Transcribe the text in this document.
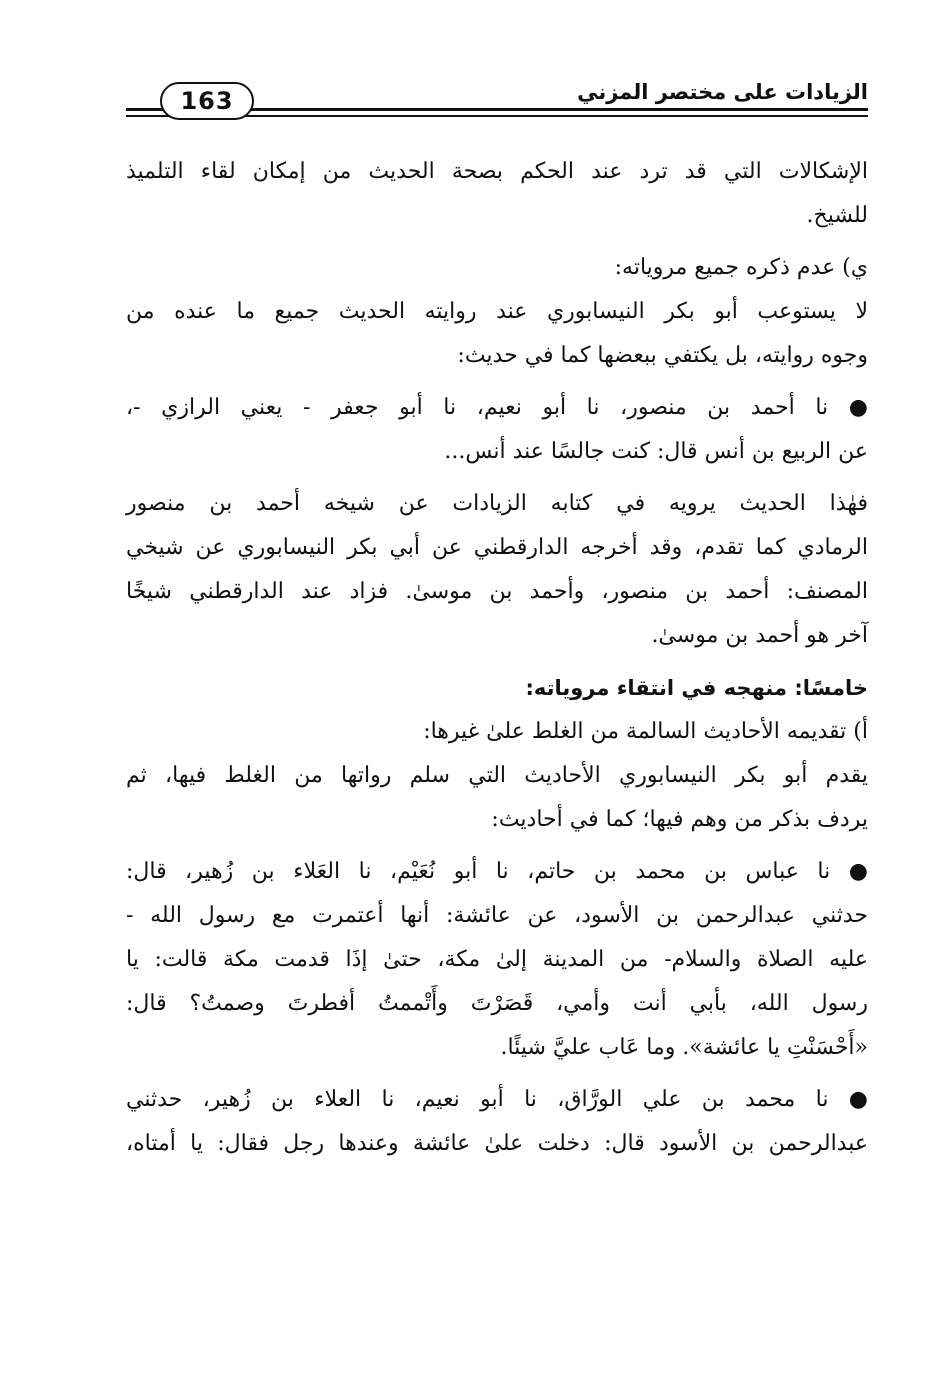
163	الزيادات على مختصر المزني
الإشكالات التي قد ترد عند الحكم بصحة الحديث من إمكان لقاء التلميذ
للشيخ.
ي) عدم ذكره جميع مروياته:
لا يستوعب أبو بكر النيسابوري عند روايته الحديث جميع ما عنده من
وجوه روايته، بل يكتفي ببعضها كما في حديث:
● نا أحمد بن منصور، نا أبو نعيم، نا أبو جعفر - يعني الرازي -،
عن الربيع بن أنس قال: كنت جالسًا عند أنس...
فهٰذا الحديث يرويه في كتابه الزيادات عن شيخه أحمد بن منصور
الرمادي كما تقدم، وقد أخرجه الدارقطني عن أبي بكر النيسابوري عن شيخي
المصنف: أحمد بن منصور، وأحمد بن موسىٰ. فزاد عند الدارقطني شيخًا
آخر هو أحمد بن موسىٰ.
خامسًا: منهجه في انتقاء مروياته:
أ) تقديمه الأحاديث السالمة من الغلط علىٰ غيرها:
يقدم أبو بكر النيسابوري الأحاديث التي سلم رواتها من الغلط فيها، ثم
يردف بذكر من وهم فيها؛ كما في أحاديث:
● نا عباس بن محمد بن حاتم، نا أبو نُعَيْم، نا العَلاء بن زُهير، قال:
حدثني عبدالرحمن بن الأسود، عن عائشة: أنها أعتمرت مع رسول الله -
عليه الصلاة والسلام- من المدينة إلىٰ مكة، حتىٰ إذَا قدمت مكة قالت: يا
رسول الله، بأبي أنت وأمي، قَصَرْتَ وأَتْممتُ أفطرتَ وصمتُ؟ قال:
«أَحْسَنْتِ يا عائشة». وما عَاب عليَّ شيئًا.
● نا محمد بن علي الورَّاق، نا أبو نعيم، نا العلاء بن زُهير، حدثني
عبدالرحمن بن الأسود قال: دخلت علىٰ عائشة وعندها رجل فقال: يا أمتاه،
